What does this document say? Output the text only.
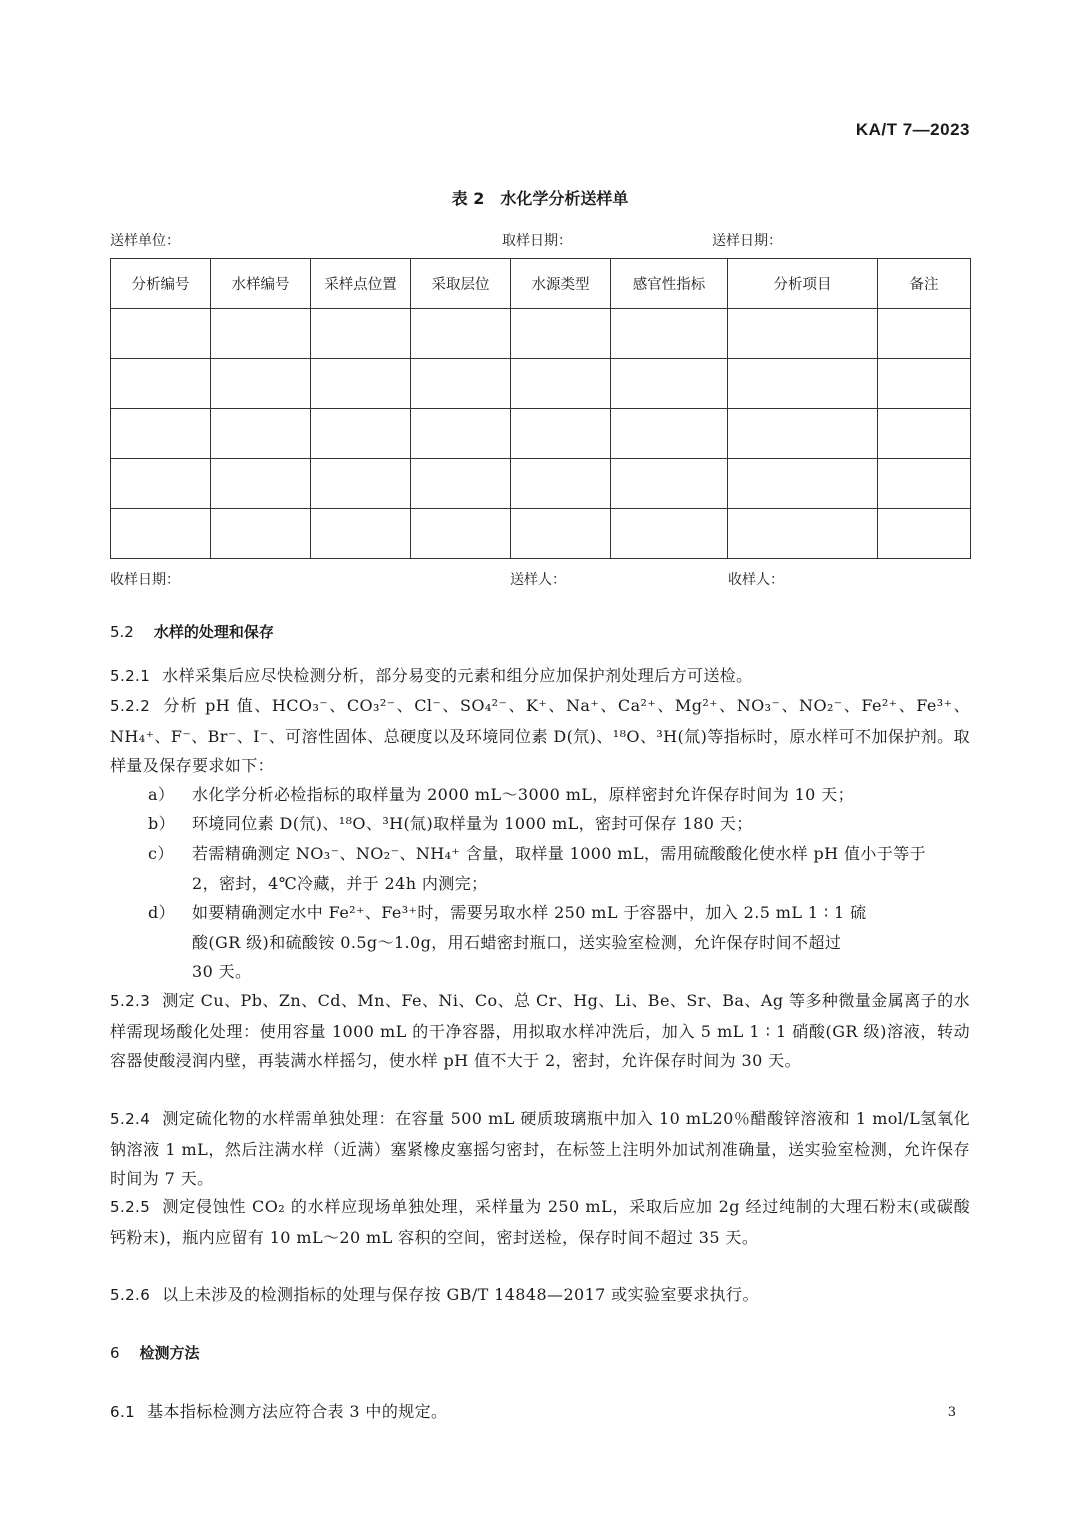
KA/T 7—2023
表 2 水化学分析送样单
送样单位：	取样日期：	送样日期：
分析编号	水样编号	采样点位置	采取层位	水源类型	感官性指标	分析项目	备注

收样日期：	送样人：	收样人：
5.2 水样的处理和保存
5.2.1 水样采集后应尽快检测分析，部分易变的元素和组分应加保护剂处理后方可送检。
5.2.2 分析 pH 值、HCO₃⁻、CO₃²⁻、Cl⁻、SO₄²⁻、K⁺、Na⁺、Ca²⁺、Mg²⁺、NO₃⁻、NO₂⁻、Fe²⁺、Fe³⁺、NH₄⁺、F⁻、Br⁻、I⁻、可溶性固体、总硬度以及环境同位素 D(氘)、¹⁸O、³H(氚)等指标时，原水样可不加保护剂。取样量及保存要求如下：
a） 水化学分析必检指标的取样量为 2000 mL～3000 mL，原样密封允许保存时间为 10 天；
b） 环境同位素 D(氘)、¹⁸O、³H(氚)取样量为 1000 mL，密封可保存 180 天；
c） 若需精确测定 NO₃⁻、NO₂⁻、NH₄⁺ 含量，取样量 1000 mL，需用硫酸酸化使水样 pH 值小于等于
2，密封，4℃冷藏，并于 24h 内测完；
d） 如要精确测定水中 Fe²⁺、Fe³⁺时，需要另取水样 250 mL 于容器中，加入 2.5 mL 1 ∶ 1 硫
酸(GR 级)和硫酸铵 0.5g～1.0g，用石蜡密封瓶口，送实验室检测，允许保存时间不超过
30 天。
5.2.3 测定 Cu、Pb、Zn、Cd、Mn、Fe、Ni、Co、总 Cr、Hg、Li、Be、Sr、Ba、Ag 等多种微量金属离子的水样需现场酸化处理：使用容量 1000 mL 的干净容器，用拟取水样冲洗后，加入 5 mL 1 ∶ 1 硝酸(GR 级)溶液，转动容器使酸浸润内壁，再装满水样摇匀，使水样 pH 值不大于 2，密封，允许保存时间为 30 天。
5.2.4 测定硫化物的水样需单独处理：在容量 500 mL 硬质玻璃瓶中加入 10 mL20％醋酸锌溶液和 1 mol/L氢氧化钠溶液 1 mL，然后注满水样（近满）塞紧橡皮塞摇匀密封，在标签上注明外加试剂准确量，送实验室检测，允许保存时间为 7 天。
5.2.5 测定侵蚀性 CO₂ 的水样应现场单独处理，采样量为 250 mL，采取后应加 2g 经过纯制的大理石粉末(或碳酸钙粉末)，瓶内应留有 10 mL～20 mL 容积的空间，密封送检，保存时间不超过 35 天。
5.2.6 以上未涉及的检测指标的处理与保存按 GB/T 14848—2017 或实验室要求执行。
6 检测方法
6.1 基本指标检测方法应符合表 3 中的规定。	3
